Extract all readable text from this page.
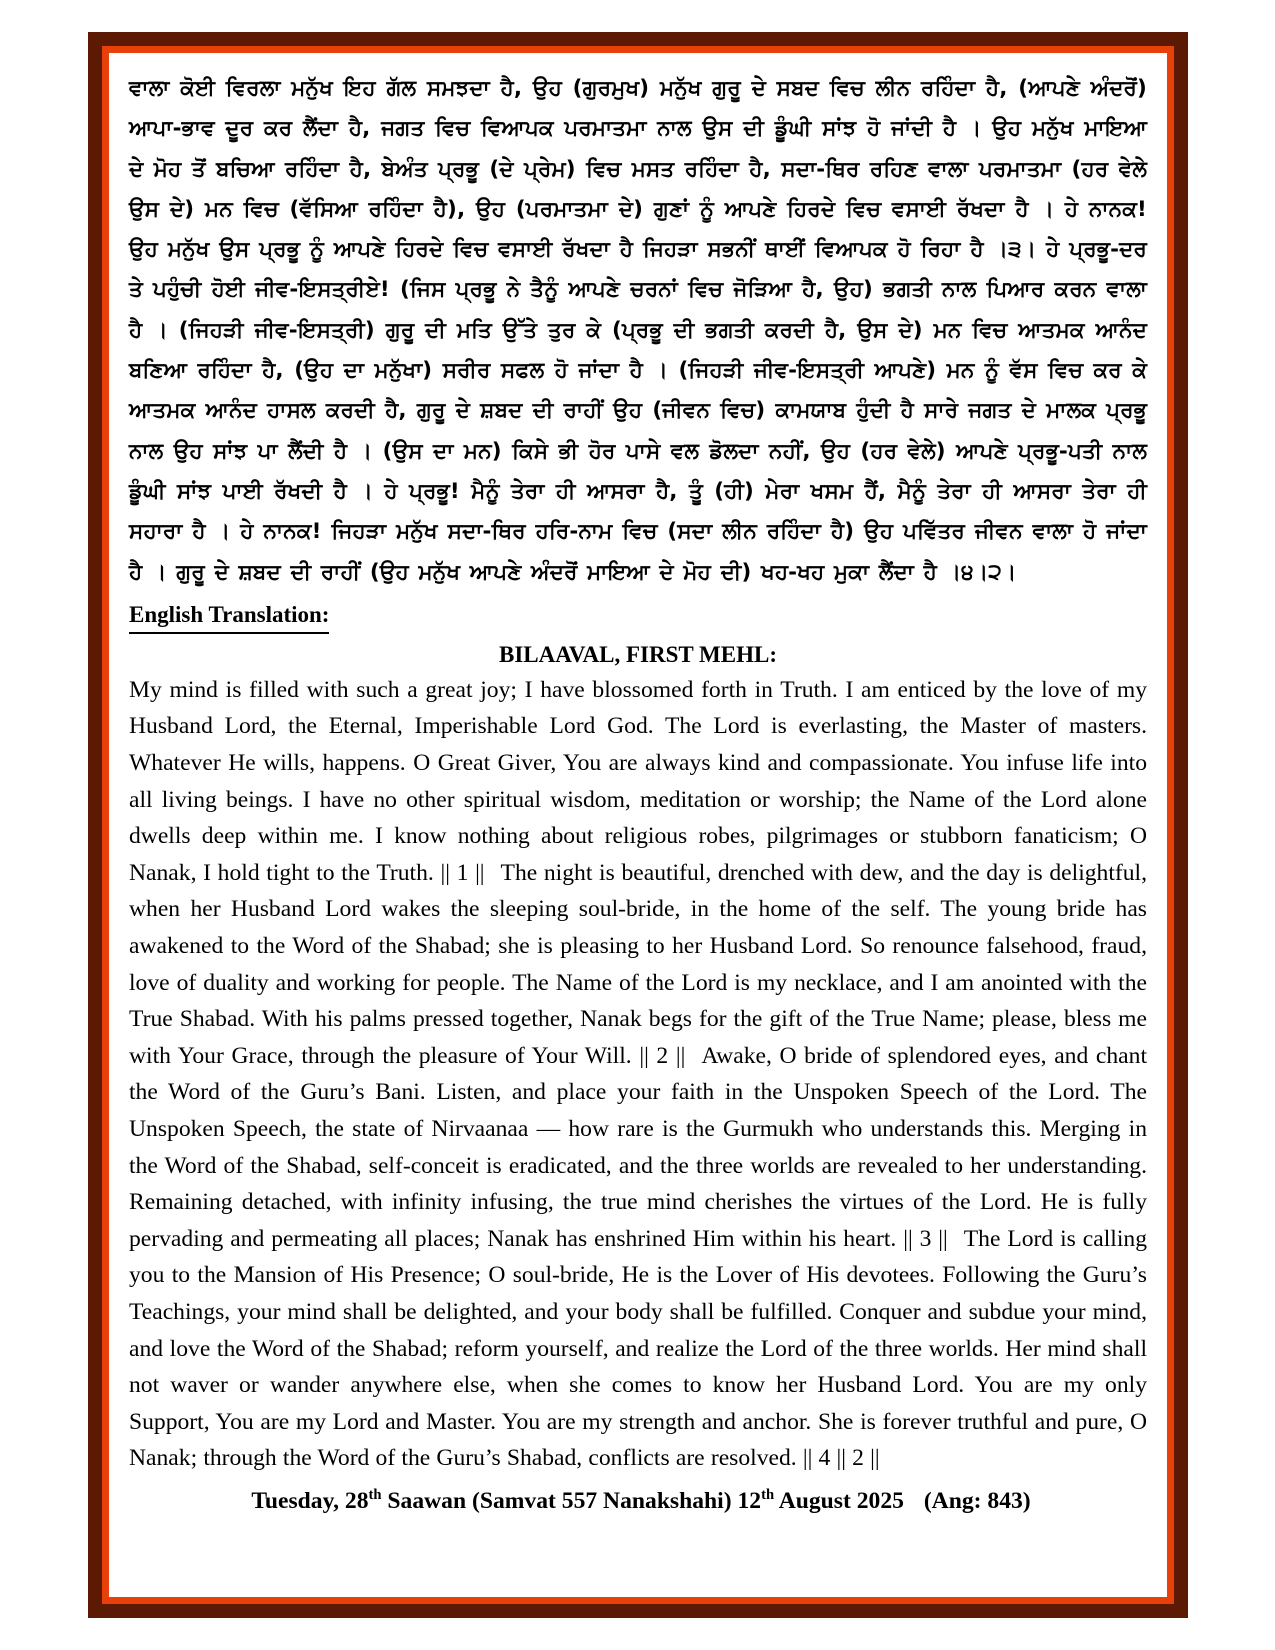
ਵਾਲਾ ਕੋਈ ਵਿਰਲਾ ਮਨੁੱਖ ਇਹ ਗੱਲ ਸਮਝਦਾ ਹੈ, ਉਹ (ਗੁਰਮੁਖ) ਮਨੁੱਖ ਗੁਰੂ ਦੇ ਸਬਦ ਵਿਚ ਲੀਨ ਰਹਿੰਦਾ ਹੈ, (ਆਪਣੇ ਅੰਦਰੋਂ) ਆਪਾ-ਭਾਵ ਦੂਰ ਕਰ ਲੈਂਦਾ ਹੈ, ਜਗਤ ਵਿਚ ਵਿਆਪਕ ਪਰਮਾਤਮਾ ਨਾਲ ਉਸ ਦੀ ਡੂੰਘੀ ਸਾਂਝ ਹੋ ਜਾਂਦੀ ਹੈ । ਉਹ ਮਨੁੱਖ ਮਾਇਆ ਦੇ ਮੋਹ ਤੋਂ ਬਚਿਆ ਰਹਿੰਦਾ ਹੈ, ਬੇਅੰਤ ਪ੍ਰਭੂ (ਦੇ ਪ੍ਰੇਮ) ਵਿਚ ਮਸਤ ਰਹਿੰਦਾ ਹੈ, ਸਦਾ-ਥਿਰ ਰਹਿਣ ਵਾਲਾ ਪਰਮਾਤਮਾ (ਹਰ ਵੇਲੇ ਉਸ ਦੇ) ਮਨ ਵਿਚ (ਵੱਸਿਆ ਰਹਿੰਦਾ ਹੈ), ਉਹ (ਪਰਮਾਤਮਾ ਦੇ) ਗੁਣਾਂ ਨੂੰ ਆਪਣੇ ਹਿਰਦੇ ਵਿਚ ਵਸਾਈ ਰੱਖਦਾ ਹੈ । ਹੇ ਨਾਨਕ! ਉਹ ਮਨੁੱਖ ਉਸ ਪ੍ਰਭੂ ਨੂੰ ਆਪਣੇ ਹਿਰਦੇ ਵਿਚ ਵਸਾਈ ਰੱਖਦਾ ਹੈ ਜਿਹੜਾ ਸਭਨੀਂ ਥਾਈਂ ਵਿਆਪਕ ਹੋ ਰਿਹਾ ਹੈ ।੩। ਹੇ ਪ੍ਰਭੂ-ਦਰ ਤੇ ਪਹੁੰਚੀ ਹੋਈ ਜੀਵ-ਇਸਤ੍ਰੀਏ! (ਜਿਸ ਪ੍ਰਭੂ ਨੇ ਤੈਨੂੰ ਆਪਣੇ ਚਰਨਾਂ ਵਿਚ ਜੋੜਿਆ ਹੈ, ਉਹ) ਭਗਤੀ ਨਾਲ ਪਿਆਰ ਕਰਨ ਵਾਲਾ ਹੈ । (ਜਿਹੜੀ ਜੀਵ-ਇਸਤ੍ਰੀ) ਗੁਰੂ ਦੀ ਮਤਿ ਉੱਤੇ ਤੁਰ ਕੇ (ਪ੍ਰਭੂ ਦੀ ਭਗਤੀ ਕਰਦੀ ਹੈ, ਉਸ ਦੇ) ਮਨ ਵਿਚ ਆਤਮਕ ਆਨੰਦ ਬਣਿਆ ਰਹਿੰਦਾ ਹੈ, (ਉਹ ਦਾ ਮਨੁੱਖਾ) ਸਰੀਰ ਸਫਲ ਹੋ ਜਾਂਦਾ ਹੈ । (ਜਿਹੜੀ ਜੀਵ-ਇਸਤ੍ਰੀ ਆਪਣੇ) ਮਨ ਨੂੰ ਵੱਸ ਵਿਚ ਕਰ ਕੇ ਆਤਮਕ ਆਨੰਦ ਹਾਸਲ ਕਰਦੀ ਹੈ, ਗੁਰੂ ਦੇ ਸ਼ਬਦ ਦੀ ਰਾਹੀਂ ਉਹ (ਜੀਵਨ ਵਿਚ) ਕਾਮਯਾਬ ਹੁੰਦੀ ਹੈ ਸਾਰੇ ਜਗਤ ਦੇ ਮਾਲਕ ਪ੍ਰਭੂ ਨਾਲ ਉਹ ਸਾਂਝ ਪਾ ਲੈਂਦੀ ਹੈ । (ਉਸ ਦਾ ਮਨ) ਕਿਸੇ ਭੀ ਹੋਰ ਪਾਸੇ ਵਲ ਡੋਲਦਾ ਨਹੀਂ, ਉਹ (ਹਰ ਵੇਲੇ) ਆਪਣੇ ਪ੍ਰਭੂ-ਪਤੀ ਨਾਲ ਡੂੰਘੀ ਸਾਂਝ ਪਾਈ ਰੱਖਦੀ ਹੈ । ਹੇ ਪ੍ਰਭੂ! ਮੈਨੂੰ ਤੇਰਾ ਹੀ ਆਸਰਾ ਹੈ, ਤੂੰ (ਹੀ) ਮੇਰਾ ਖਸਮ ਹੈਂ, ਮੈਨੂੰ ਤੇਰਾ ਹੀ ਆਸਰਾ ਤੇਰਾ ਹੀ ਸਹਾਰਾ ਹੈ । ਹੇ ਨਾਨਕ! ਜਿਹੜਾ ਮਨੁੱਖ ਸਦਾ-ਥਿਰ ਹਰਿ-ਨਾਮ ਵਿਚ (ਸਦਾ ਲੀਨ ਰਹਿੰਦਾ ਹੈ) ਉਹ ਪਵਿੱਤਰ ਜੀਵਨ ਵਾਲਾ ਹੋ ਜਾਂਦਾ ਹੈ । ਗੁਰੂ ਦੇ ਸ਼ਬਦ ਦੀ ਰਾਹੀਂ (ਉਹ ਮਨੁੱਖ ਆਪਣੇ ਅੰਦਰੋਂ ਮਾਇਆ ਦੇ ਮੋਹ ਦੀ) ਖਹ-ਖਹ ਮੁਕਾ ਲੈਂਦਾ ਹੈ ।੪।੨।

English Translation:

BILAAVAL, FIRST MEHL:

My mind is filled with such a great joy; I have blossomed forth in Truth. I am enticed by the love of my Husband Lord, the Eternal, Imperishable Lord God. The Lord is everlasting, the Master of masters. Whatever He wills, happens. O Great Giver, You are always kind and compassionate. You infuse life into all living beings. I have no other spiritual wisdom, meditation or worship; the Name of the Lord alone dwells deep within me. I know nothing about religious robes, pilgrimages or stubborn fanaticism; O Nanak, I hold tight to the Truth. || 1 || The night is beautiful, drenched with dew, and the day is delightful, when her Husband Lord wakes the sleeping soul-bride, in the home of the self. The young bride has awakened to the Word of the Shabad; she is pleasing to her Husband Lord. So renounce falsehood, fraud, love of duality and working for people. The Name of the Lord is my necklace, and I am anointed with the True Shabad. With his palms pressed together, Nanak begs for the gift of the True Name; please, bless me with Your Grace, through the pleasure of Your Will. || 2 || Awake, O bride of splendored eyes, and chant the Word of the Guru’s Bani. Listen, and place your faith in the Unspoken Speech of the Lord. The Unspoken Speech, the state of Nirvaanaa — how rare is the Gurmukh who understands this. Merging in the Word of the Shabad, self-conceit is eradicated, and the three worlds are revealed to her understanding. Remaining detached, with infinity infusing, the true mind cherishes the virtues of the Lord. He is fully pervading and permeating all places; Nanak has enshrined Him within his heart. || 3 || The Lord is calling you to the Mansion of His Presence; O soul-bride, He is the Lover of His devotees. Following the Guru’s Teachings, your mind shall be delighted, and your body shall be fulfilled. Conquer and subdue your mind, and love the Word of the Shabad; reform yourself, and realize the Lord of the three worlds. Her mind shall not waver or wander anywhere else, when she comes to know her Husband Lord. You are my only Support, You are my Lord and Master. You are my strength and anchor. She is forever truthful and pure, O Nanak; through the Word of the Guru’s Shabad, conflicts are resolved. || 4 || 2 ||

Tuesday, 28th Saawan (Samvat 557 Nanakshahi) 12th August 2025 (Ang: 843)
